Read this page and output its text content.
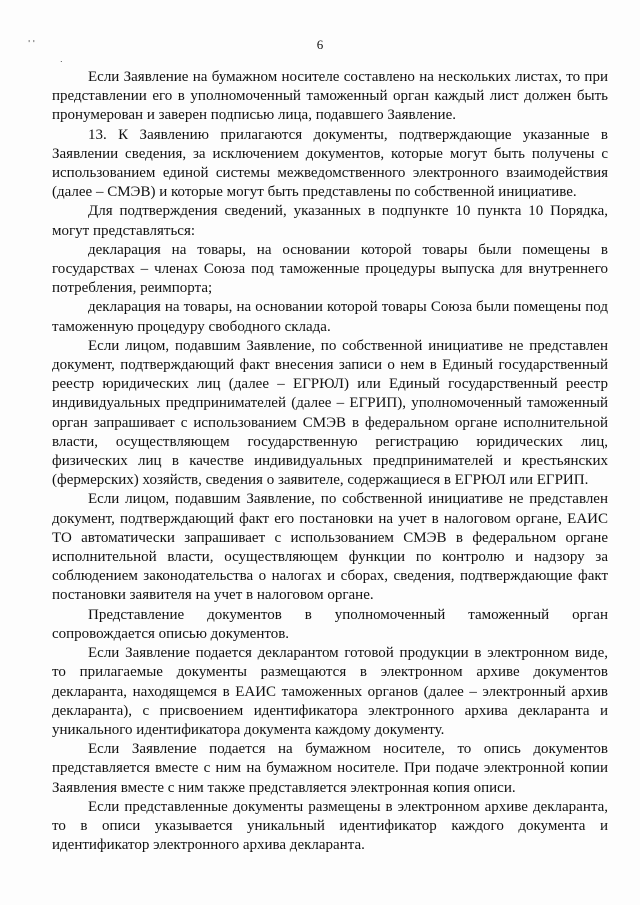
' '
.
6

Если Заявление на бумажном носителе составлено на нескольких листах, то при представлении его в уполномоченный таможенный орган каждый лист должен быть пронумерован и заверен подписью лица, подавшего Заявление.

13. К Заявлению прилагаются документы, подтверждающие указанные в Заявлении сведения, за исключением документов, которые могут быть получены с использованием единой системы межведомственного электронного взаимодействия (далее – СМЭВ) и которые могут быть представлены по собственной инициативе.

Для подтверждения сведений, указанных в подпункте 10 пункта 10 Порядка, могут представляться:

декларация на товары, на основании которой товары были помещены в государствах – членах Союза под таможенные процедуры выпуска для внутреннего потребления, реимпорта;

декларация на товары, на основании которой товары Союза были помещены под таможенную процедуру свободного склада.

Если лицом, подавшим Заявление, по собственной инициативе не представлен документ, подтверждающий факт внесения записи о нем в Единый государственный реестр юридических лиц (далее – ЕГРЮЛ) или Единый государственный реестр индивидуальных предпринимателей (далее – ЕГРИП), уполномоченный таможенный орган запрашивает с использованием СМЭВ в федеральном органе исполнительной власти, осуществляющем государственную регистрацию юридических лиц, физических лиц в качестве индивидуальных предпринимателей и крестьянских (фермерских) хозяйств, сведения о заявителе, содержащиеся в ЕГРЮЛ или ЕГРИП.

Если лицом, подавшим Заявление, по собственной инициативе не представлен документ, подтверждающий факт его постановки на учет в налоговом органе, ЕАИС ТО автоматически запрашивает с использованием СМЭВ в федеральном органе исполнительной власти, осуществляющем функции по контролю и надзору за соблюдением законодательства о налогах и сборах, сведения, подтверждающие факт постановки заявителя на учет в налоговом органе.

Представление документов в уполномоченный таможенный орган сопровождается описью документов.

Если Заявление подается декларантом готовой продукции в электронном виде, то прилагаемые документы размещаются в электронном архиве документов декларанта, находящемся в ЕАИС таможенных органов (далее – электронный архив декларанта), с присвоением идентификатора электронного архива декларанта и уникального идентификатора документа каждому документу.

Если Заявление подается на бумажном носителе, то опись документов представляется вместе с ним на бумажном носителе. При подаче электронной копии Заявления вместе с ним также представляется электронная копия описи.

Если представленные документы размещены в электронном архиве декларанта, то в описи указывается уникальный идентификатор каждого документа и идентификатор электронного архива декларанта.
